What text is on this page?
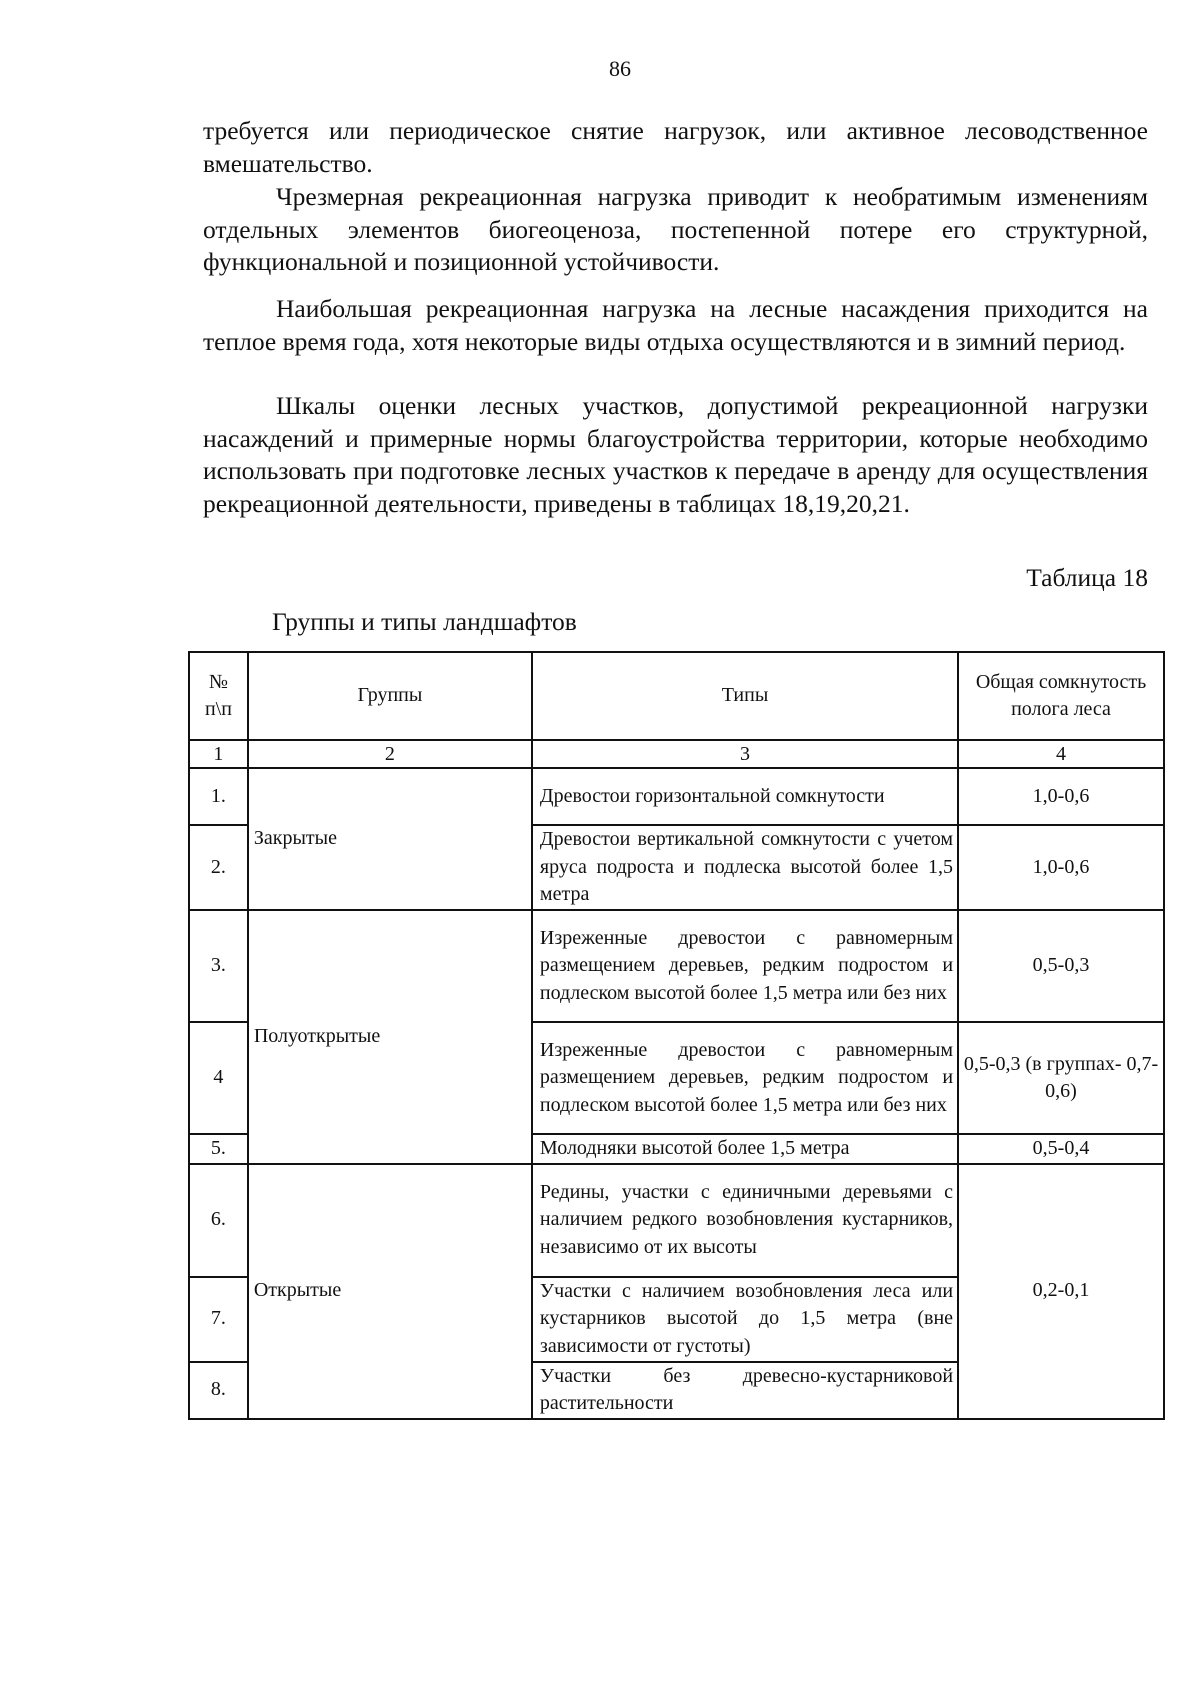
86

требуется или периодическое снятие нагрузок, или активное лесоводственное вмешательство.

Чрезмерная рекреационная нагрузка приводит к необратимым изменениям отдельных элементов биогеоценоза, постепенной потере его структурной, функциональной и позиционной устойчивости.

Наибольшая рекреационная нагрузка на лесные насаждения приходится на теплое время года, хотя некоторые виды отдыха осуществляются и в зимний период.

Шкалы оценки лесных участков, допустимой рекреационной нагрузки насаждений и примерные нормы благоустройства территории, которые необходимо использовать при подготовке лесных участков к передаче в аренду для осуществления рекреационной деятельности, приведены в таблицах 18,19,20,21.

Таблица 18
Группы и типы ландшафтов
№ п\п	Группы	Типы	Общая сомкнутость полога леса
1	2	3	4
1.	Закрытые	Древостои горизонтальной сомкнутости	1,0-0,6
2.		Древостои вертикальной сомкнутости с учетом яруса подроста и подлеска высотой более 1,5 метра	1,0-0,6
3.	Полуоткрытые	Изреженные древостои с равномерным размещением деревьев, редким подростом и подлеском высотой более 1,5 метра или без них	0,5-0,3
4		Изреженные древостои с равномерным размещением деревьев, редким подростом и подлеском высотой более 1,5 метра или без них	0,5-0,3 (в группах- 0,7-0,6)
5.		Молодняки высотой более 1,5 метра	0,5-0,4
6.	Открытые	Редины, участки с единичными деревьями с наличием редкого возобновления кустарников, независимо от их высоты	0,2-0,1
7.		Участки с наличием возобновления леса или кустарников высотой до 1,5 метра (вне зависимости от густоты)	
8.		Участки без древесно-кустарниковой растительности	
